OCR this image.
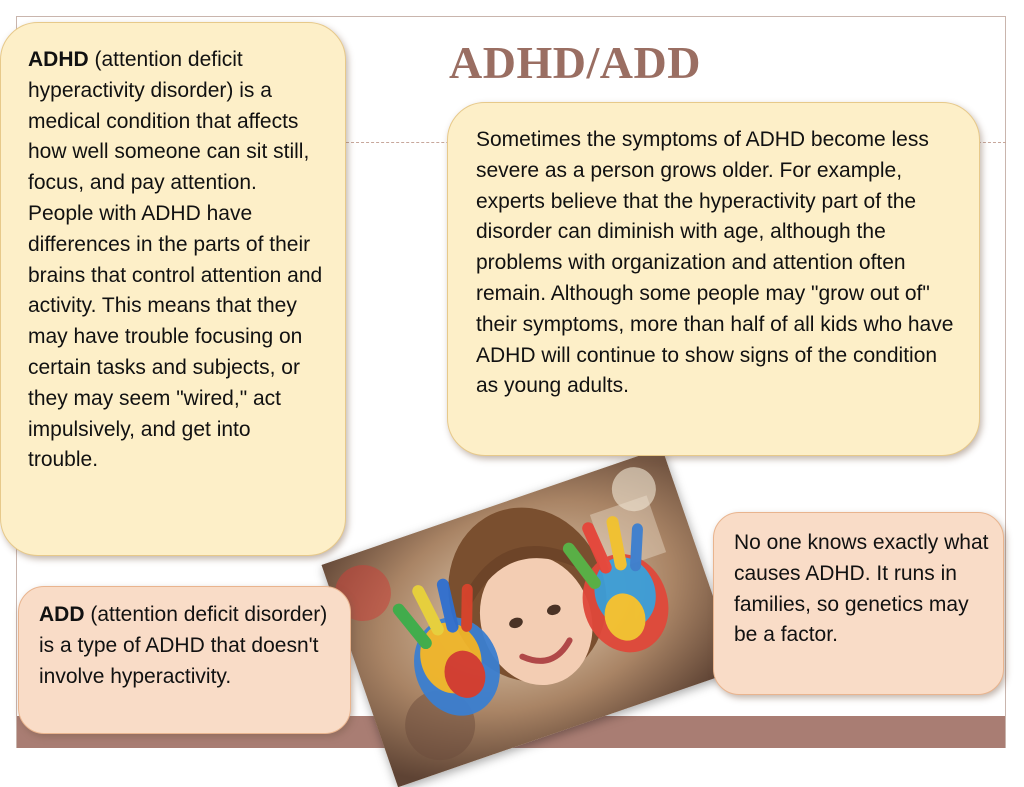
ADHD/ADD
ADHD (attention deficit hyperactivity disorder) is a medical condition that affects how well someone can sit still, focus, and pay attention. People with ADHD have differences in the parts of their brains that control attention and activity. This means that they may have trouble focusing on certain tasks and subjects, or they may seem "wired," act impulsively, and get into trouble.
Sometimes the symptoms of ADHD become less severe as a person grows older. For example, experts believe that the hyperactivity part of the disorder can diminish with age, although the problems with organization and attention often remain. Although some people may "grow out of" their symptoms, more than half of all kids who have ADHD will continue to show signs of the condition as young adults.
ADD (attention deficit disorder) is a type of ADHD that doesn't involve hyperactivity.
No one knows exactly what causes ADHD. It runs in families, so genetics may be a factor.
